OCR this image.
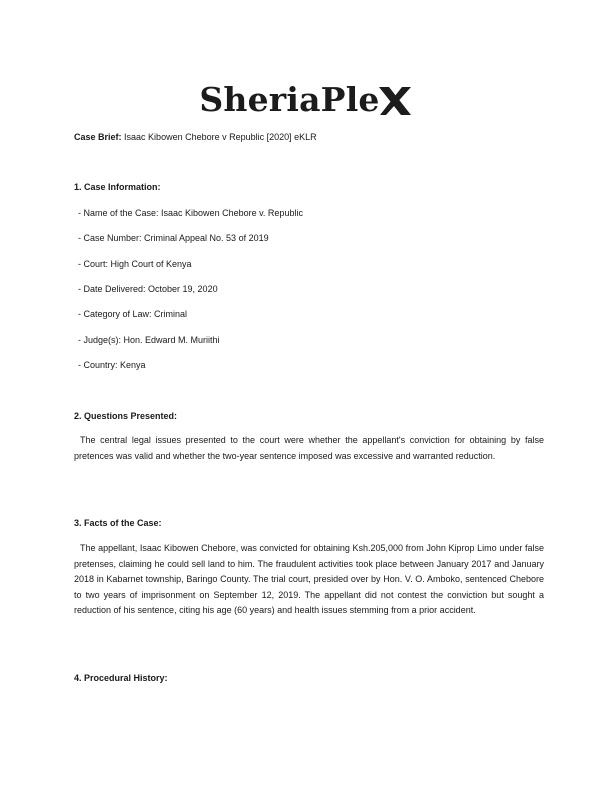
SheriaPle
Case Brief: Isaac Kibowen Chebore v Republic [2020] eKLR
1. Case Information:
- Name of the Case: Isaac Kibowen Chebore v. Republic
- Case Number: Criminal Appeal No. 53 of 2019
- Court: High Court of Kenya
- Date Delivered: October 19, 2020
- Category of Law: Criminal
- Judge(s): Hon. Edward M. Muriithi
- Country: Kenya
2. Questions Presented:
The central legal issues presented to the court were whether the appellant's conviction for obtaining by false pretences was valid and whether the two-year sentence imposed was excessive and warranted reduction.
3. Facts of the Case:
The appellant, Isaac Kibowen Chebore, was convicted for obtaining Ksh.205,000 from John Kiprop Limo under false pretenses, claiming he could sell land to him. The fraudulent activities took place between January 2017 and January 2018 in Kabarnet township, Baringo County. The trial court, presided over by Hon. V. O. Amboko, sentenced Chebore to two years of imprisonment on September 12, 2019. The appellant did not contest the conviction but sought a reduction of his sentence, citing his age (60 years) and health issues stemming from a prior accident.
4. Procedural History:
